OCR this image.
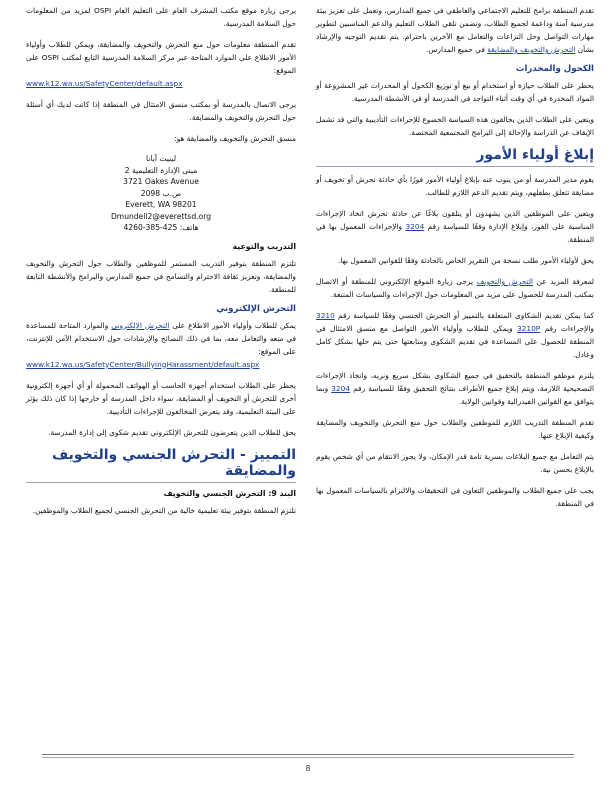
تقدم المنطقة برامج للتعليم الاجتماعي والعاطفي في جميع المدارس، وتعمل على تعزيز بيئة مدرسية آمنة وداعمة لجميع الطلاب، وتضمن تلقي الطلاب التعليم والدعم المناسبين لتطوير مهارات التواصل وحل النزاعات والتعامل مع الآخرين باحترام. يتم تقديم التوجيه والإرشاد بشأن التحرش والتخويف والمضايقة في جميع المدارس.

الكحول والمخدرات

يحظر على الطلاب حيازة أو استخدام أو بيع أو توزيع الكحول أو المخدرات غير المشروعة أو المواد المخدرة في أي وقت أثناء التواجد في المدرسة أو في الأنشطة المدرسية.

ويتعين على الطلاب الذين يخالفون هذه السياسة الخضوع للإجراءات التأديبية والتي قد تشمل الإيقاف عن الدراسة والإحالة إلى البرامج المجتمعية المختصة.

إبلاغ أولياء الأمور

يقوم مدير المدرسة أو من ينوب عنه بإبلاغ أولياء الأمور فورًا بأي حادثة تحرش أو تخويف أو مضايقة تتعلق بطفلهم، ويتم تقديم الدعم اللازم للطالب.

ويتعين على الموظفين الذين يشهدون أو يتلقون بلاغًا عن حادثة تحرش اتخاذ الإجراءات المناسبة على الفور، وإبلاغ الإدارة وفقًا للسياسة رقم 3204 والإجراءات المعمول بها في المنطقة.

يحق لأولياء الأمور طلب نسخة من التقرير الخاص بالحادثة وفقًا للقوانين المعمول بها.

لمعرفة المزيد عن التحرش والتخويف يرجى زيارة الموقع الإلكتروني للمنطقة أو الاتصال بمكتب المدرسة للحصول على مزيد من المعلومات حول الإجراءات والسياسات المتبعة.

كما يمكن تقديم الشكاوى المتعلقة بالتمييز أو التحرش الجنسي وفقًا للسياسة رقم 3210 والإجراءات رقم 3210P ويمكن للطلاب وأولياء الأمور التواصل مع منسق الامتثال في المنطقة للحصول على المساعدة في تقديم الشكوى ومتابعتها حتى يتم حلها بشكل كامل وعادل.

يلتزم موظفو المنطقة بالتحقيق في جميع الشكاوى بشكل سريع ونزيه، واتخاذ الإجراءات التصحيحية اللازمة، ويتم إبلاغ جميع الأطراف بنتائج التحقيق وفقًا للسياسة رقم 3204 وبما يتوافق مع القوانين الفيدرالية وقوانين الولاية.

تقدم المنطقة التدريب اللازم للموظفين والطلاب حول منع التحرش والتخويف والمضايقة وكيفية الإبلاغ عنها.

يتم التعامل مع جميع البلاغات بسرية تامة قدر الإمكان، ولا يجوز الانتقام من أي شخص يقوم بالإبلاغ بحسن نية.

يجب على جميع الطلاب والموظفين التعاون في التحقيقات والالتزام بالسياسات المعمول بها في المنطقة.

يرجى زيارة موقع مكتب المشرف العام على التعليم العام OSPI لمزيد من المعلومات حول السلامة المدرسية.

تقدم المنطقة معلومات حول منع التحرش والتخويف والمضايقة، ويمكن للطلاب وأولياء الأمور الاطلاع على الموارد المتاحة عبر مركز السلامة المدرسية التابع لمكتب OSPI على الموقع:
www.k12.wa.us/SafetyCenter/default.aspx

يرجى الاتصال بالمدرسة أو بمكتب منسق الامتثال في المنطقة إذا كانت لديك أي أسئلة حول التحرش والتخويف والمضايقة.

منسق التحرش والتخويف والمضايقة هو:

لينيت آيانا
مبنى الإدارة التعليمية 2
3721 Oakes Avenue
ص.ب 2098
Everett, WA 98201
Dmundell2@everettsd.org
هاتف: 425-385-4260
التدريب والتوعية

تلتزم المنطقة بتوفير التدريب المستمر للموظفين والطلاب حول التحرش والتخويف والمضايقة، وتعزيز ثقافة الاحترام والتسامح في جميع المدارس والبرامج والأنشطة التابعة للمنطقة.

التحرش الإلكتروني

يمكن للطلاب وأولياء الأمور الاطلاع على التحرش الإلكتروني والموارد المتاحة للمساعدة في منعه والتعامل معه، بما في ذلك النصائح والإرشادات حول الاستخدام الآمن للإنترنت، على الموقع:
www.k12.wa.us/SafetyCenter/BullyingHarassment/default.aspx

يحظر على الطلاب استخدام أجهزة الحاسب أو الهواتف المحمولة أو أي أجهزة إلكترونية أخرى للتحرش أو التخويف أو المضايقة، سواء داخل المدرسة أو خارجها إذا كان ذلك يؤثر على البيئة التعليمية، وقد يتعرض المخالفون للإجراءات التأديبية.

يحق للطلاب الذين يتعرضون للتحرش الإلكتروني تقديم شكوى إلى إدارة المدرسة.

التمييز - التحرش الجنسي والتخويف والمضايقة
البند 9: التحرش الجنسي والتخويف

تلتزم المنطقة بتوفير بيئة تعليمية خالية من التحرش الجنسي لجميع الطلاب والموظفين.

8
